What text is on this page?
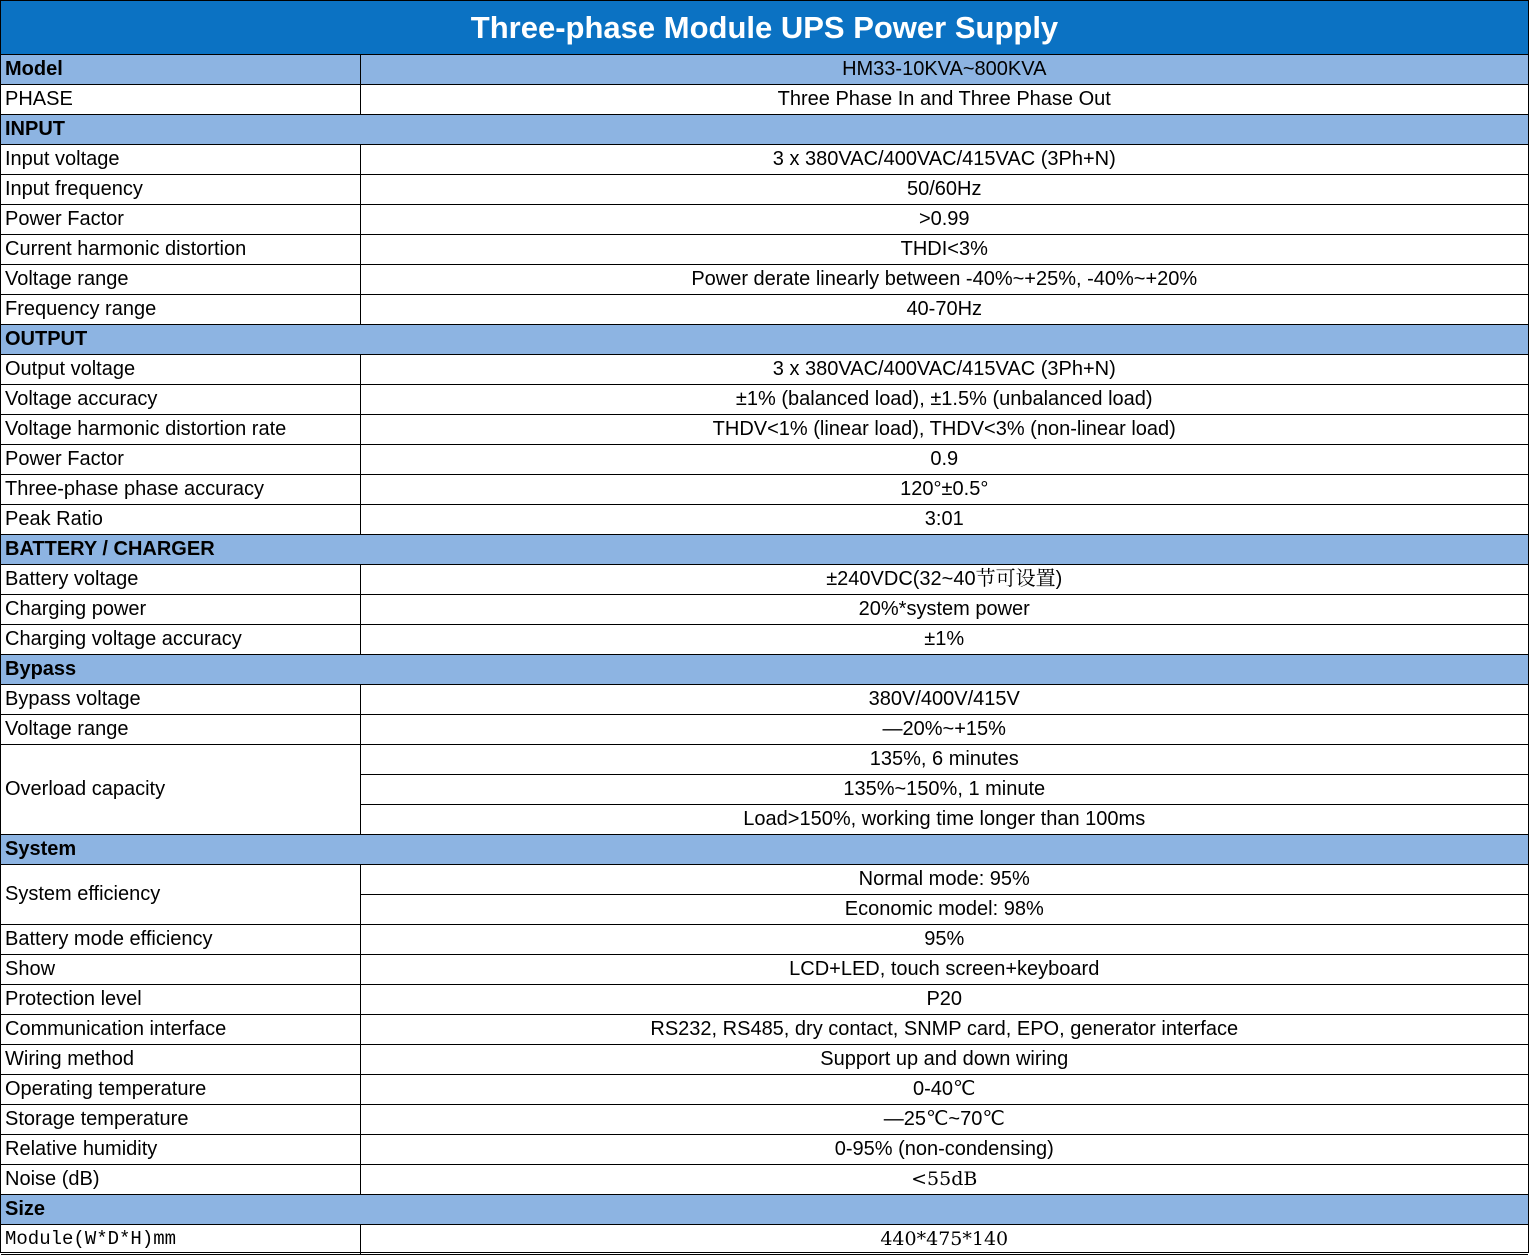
Three-phase Module UPS Power Supply
Model	HM33-10KVA~800KVA
PHASE	Three Phase In and Three Phase Out
INPUT	
Input voltage	3 x 380VAC/400VAC/415VAC (3Ph+N)
Input frequency	50/60Hz
Power Factor	>0.99
Current harmonic distortion	THDI<3%
Voltage range	Power derate linearly between -40%~+25%, -40%~+20%
Frequency range	40-70Hz
OUTPUT	
Output voltage	3 x 380VAC/400VAC/415VAC (3Ph+N)
Voltage accuracy	±1% (balanced load), ±1.5% (unbalanced load)
Voltage harmonic distortion rate	THDV<1% (linear load), THDV<3% (non-linear load)
Power Factor	0.9
Three-phase phase accuracy	120°±0.5°
Peak Ratio	3:01
BATTERY / CHARGER	
Battery voltage	±240VDC(32~40节可设置)
Charging power	20%*system power
Charging voltage accuracy	±1%
Bypass	
Bypass voltage	380V/400V/415V
Voltage range	—20%~+15%
Overload capacity	135%, 6 minutes
	135%~150%, 1 minute
	Load>150%, working time longer than 100ms
System	
System efficiency	Normal mode: 95%
	Economic model: 98%
Battery mode efficiency	95%
Show	LCD+LED, touch screen+keyboard
Protection level	P20
Communication interface	RS232, RS485, dry contact, SNMP card, EPO, generator interface
Wiring method	Support up and down wiring
Operating temperature	0-40℃
Storage temperature	—25℃~70℃
Relative humidity	0-95% (non-condensing)
Noise (dB)	<55dB
Size	
Module(W*D*H)mm	440*475*140
